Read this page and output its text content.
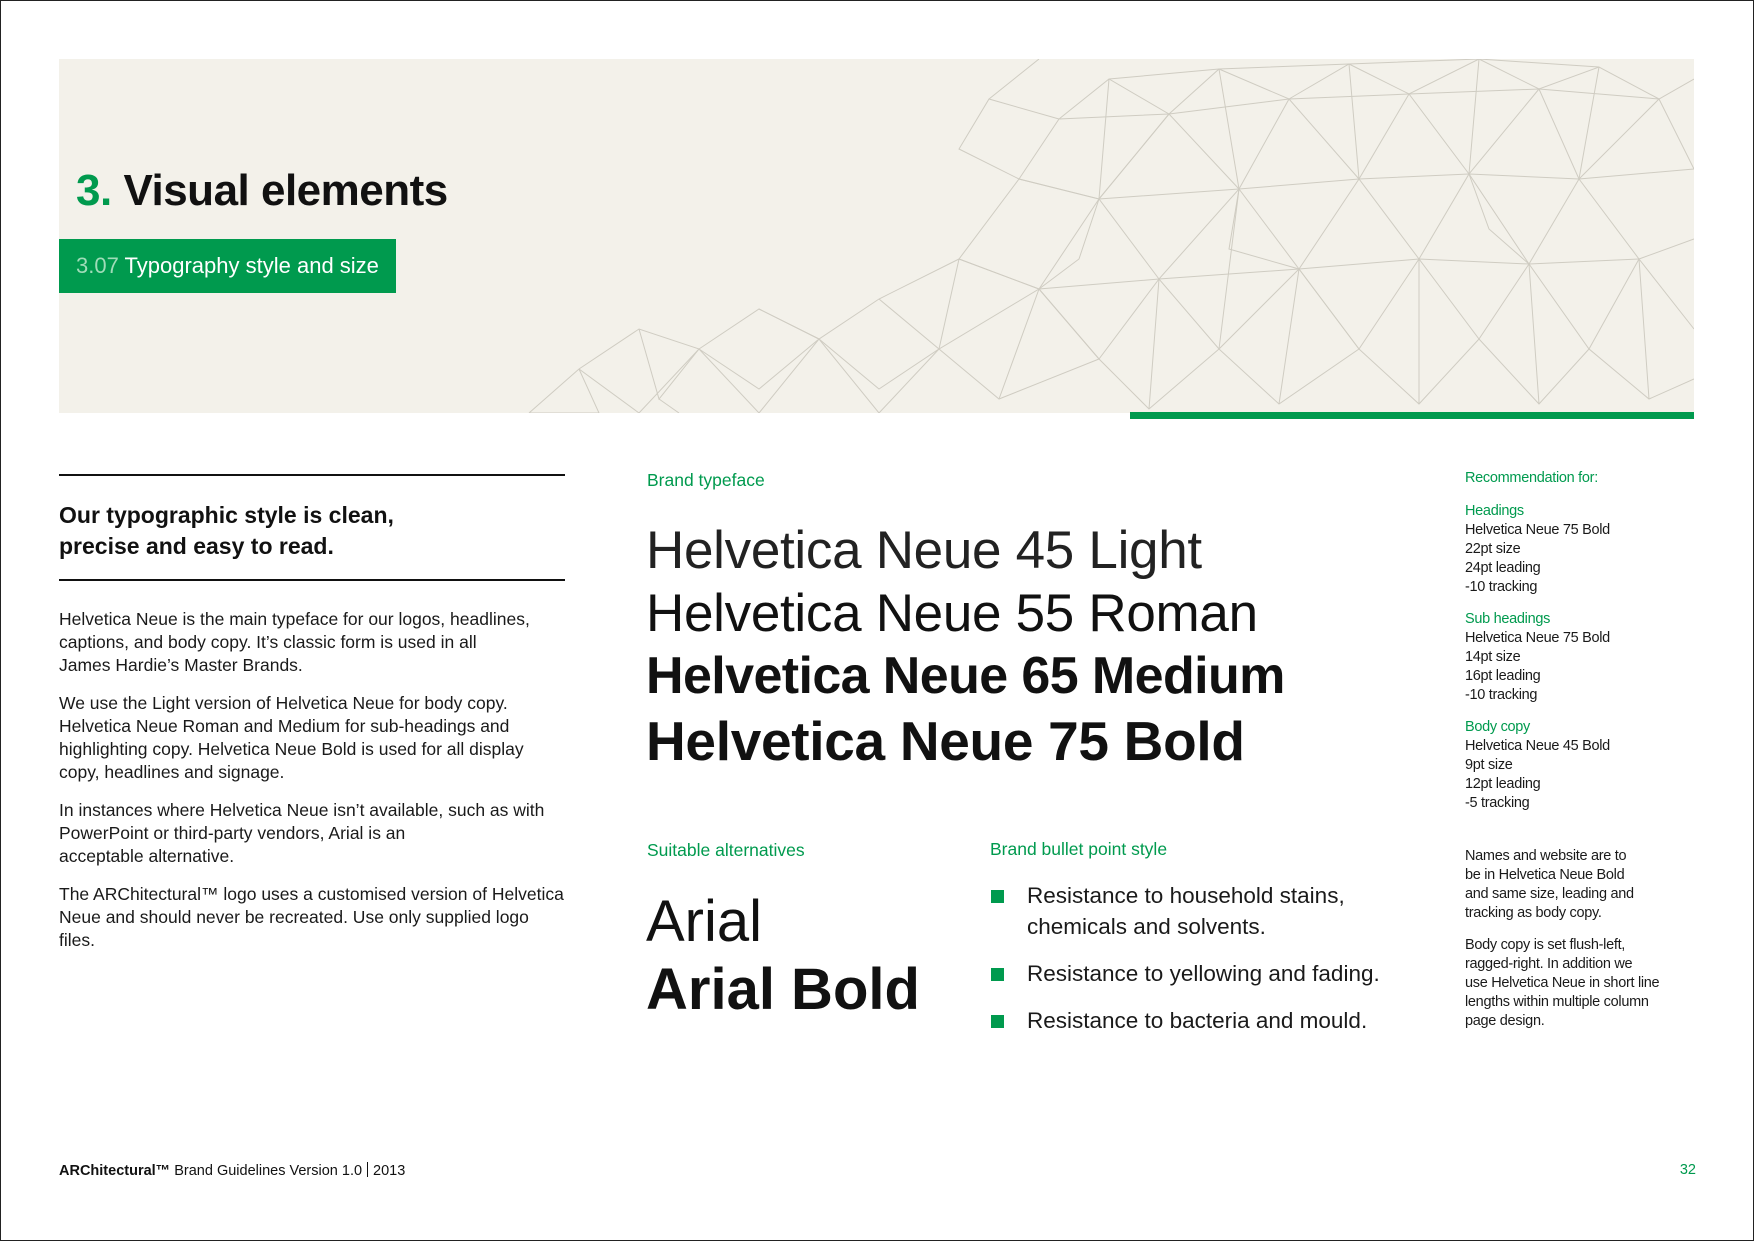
3. Visual elements
3.07 Typography style and size
Our typographic style is clean,
precise and easy to read.

Helvetica Neue is the main typeface for our logos, headlines,
captions, and body copy. It’s classic form is used in all
James Hardie’s Master Brands.

We use the Light version of Helvetica Neue for body copy.
Helvetica Neue Roman and Medium for sub-headings and
highlighting copy. Helvetica Neue Bold is used for all display
copy, headlines and signage.

In instances where Helvetica Neue isn’t available, such as with
PowerPoint or third-party vendors, Arial is an
acceptable alternative.

The ARChitectural™ logo uses a customised version of Helvetica
Neue and should never be recreated. Use only supplied logo
files.

Brand typeface
Helvetica Neue 45 Light
Helvetica Neue 55 Roman
Helvetica Neue 65 Medium
Helvetica Neue 75 Bold
Suitable alternatives
Arial
Arial Bold
Brand bullet point style
Resistance to household stains,
chemicals and solvents.
Resistance to yellowing and fading.
Resistance to bacteria and mould.
Recommendation for:
Headings
Helvetica Neue 75 Bold
22pt size
24pt leading
-10 tracking
Sub headings
Helvetica Neue 75 Bold
14pt size
16pt leading
-10 tracking
Body copy
Helvetica Neue 45 Bold
9pt size
12pt leading
-5 tracking

Names and website are to
be in Helvetica Neue Bold
and same size, leading and
tracking as body copy.

Body copy is set flush-left,
ragged-right. In addition we
use Helvetica Neue in short line
lengths within multiple column
page design.

ARChitectural™ Brand Guidelines Version 1.0 2013	32
